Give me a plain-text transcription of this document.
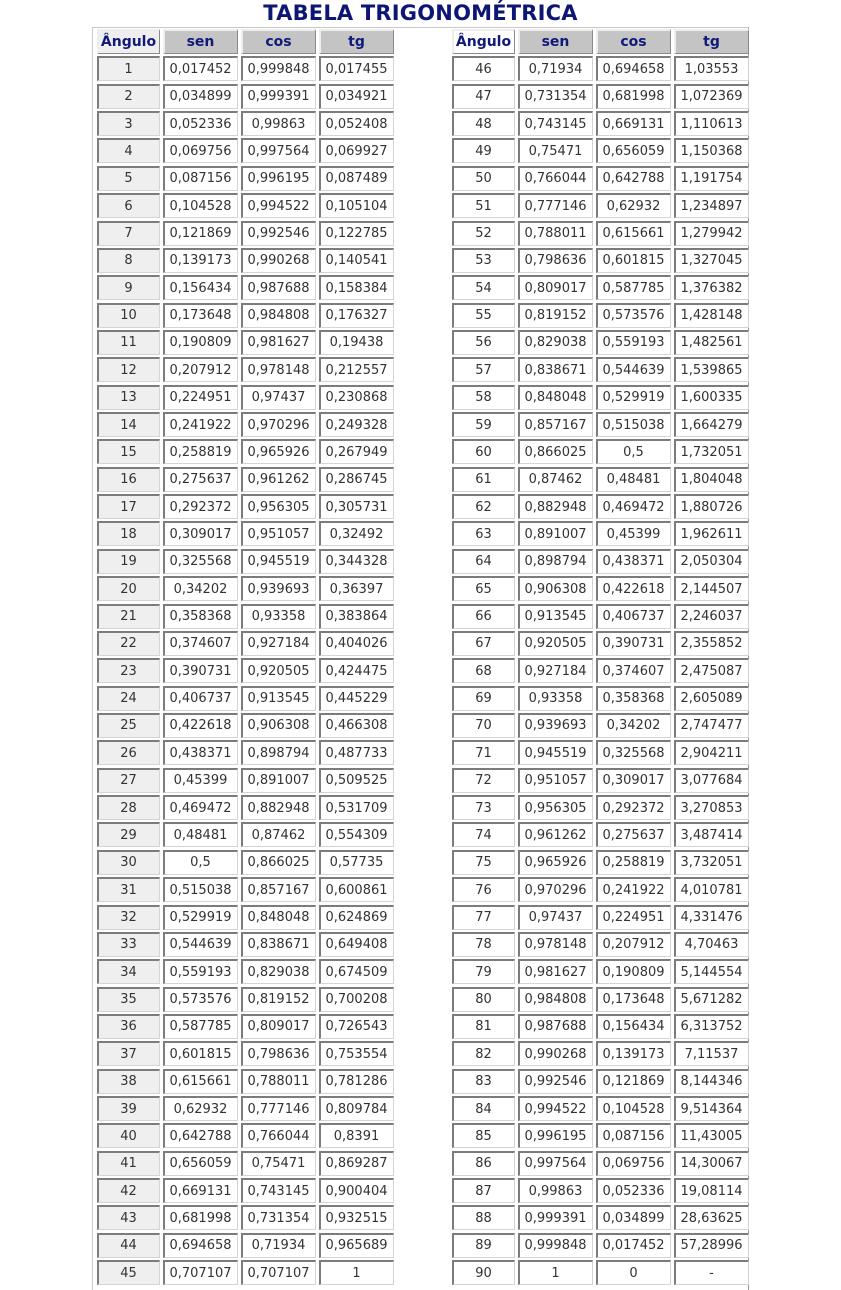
TABELA TRIGONOMÉTRICA
Ângulo	sen	cos	tg
1	0,017452	0,999848	0,017455
2	0,034899	0,999391	0,034921
3	0,052336	0,99863	0,052408
4	0,069756	0,997564	0,069927
5	0,087156	0,996195	0,087489
6	0,104528	0,994522	0,105104
7	0,121869	0,992546	0,122785
8	0,139173	0,990268	0,140541
9	0,156434	0,987688	0,158384
10	0,173648	0,984808	0,176327
11	0,190809	0,981627	0,19438
12	0,207912	0,978148	0,212557
13	0,224951	0,97437	0,230868
14	0,241922	0,970296	0,249328
15	0,258819	0,965926	0,267949
16	0,275637	0,961262	0,286745
17	0,292372	0,956305	0,305731
18	0,309017	0,951057	0,32492
19	0,325568	0,945519	0,344328
20	0,34202	0,939693	0,36397
21	0,358368	0,93358	0,383864
22	0,374607	0,927184	0,404026
23	0,390731	0,920505	0,424475
24	0,406737	0,913545	0,445229
25	0,422618	0,906308	0,466308
26	0,438371	0,898794	0,487733
27	0,45399	0,891007	0,509525
28	0,469472	0,882948	0,531709
29	0,48481	0,87462	0,554309
30	0,5	0,866025	0,57735
31	0,515038	0,857167	0,600861
32	0,529919	0,848048	0,624869
33	0,544639	0,838671	0,649408
34	0,559193	0,829038	0,674509
35	0,573576	0,819152	0,700208
36	0,587785	0,809017	0,726543
37	0,601815	0,798636	0,753554
38	0,615661	0,788011	0,781286
39	0,62932	0,777146	0,809784
40	0,642788	0,766044	0,8391
41	0,656059	0,75471	0,869287
42	0,669131	0,743145	0,900404
43	0,681998	0,731354	0,932515
44	0,694658	0,71934	0,965689
45	0,707107	0,707107	1
Ângulo	sen	cos	tg
46	0,71934	0,694658	1,03553
47	0,731354	0,681998	1,072369
48	0,743145	0,669131	1,110613
49	0,75471	0,656059	1,150368
50	0,766044	0,642788	1,191754
51	0,777146	0,62932	1,234897
52	0,788011	0,615661	1,279942
53	0,798636	0,601815	1,327045
54	0,809017	0,587785	1,376382
55	0,819152	0,573576	1,428148
56	0,829038	0,559193	1,482561
57	0,838671	0,544639	1,539865
58	0,848048	0,529919	1,600335
59	0,857167	0,515038	1,664279
60	0,866025	0,5	1,732051
61	0,87462	0,48481	1,804048
62	0,882948	0,469472	1,880726
63	0,891007	0,45399	1,962611
64	0,898794	0,438371	2,050304
65	0,906308	0,422618	2,144507
66	0,913545	0,406737	2,246037
67	0,920505	0,390731	2,355852
68	0,927184	0,374607	2,475087
69	0,93358	0,358368	2,605089
70	0,939693	0,34202	2,747477
71	0,945519	0,325568	2,904211
72	0,951057	0,309017	3,077684
73	0,956305	0,292372	3,270853
74	0,961262	0,275637	3,487414
75	0,965926	0,258819	3,732051
76	0,970296	0,241922	4,010781
77	0,97437	0,224951	4,331476
78	0,978148	0,207912	4,70463
79	0,981627	0,190809	5,144554
80	0,984808	0,173648	5,671282
81	0,987688	0,156434	6,313752
82	0,990268	0,139173	7,11537
83	0,992546	0,121869	8,144346
84	0,994522	0,104528	9,514364
85	0,996195	0,087156	11,43005
86	0,997564	0,069756	14,30067
87	0,99863	0,052336	19,08114
88	0,999391	0,034899	28,63625
89	0,999848	0,017452	57,28996
90	1	0	-
